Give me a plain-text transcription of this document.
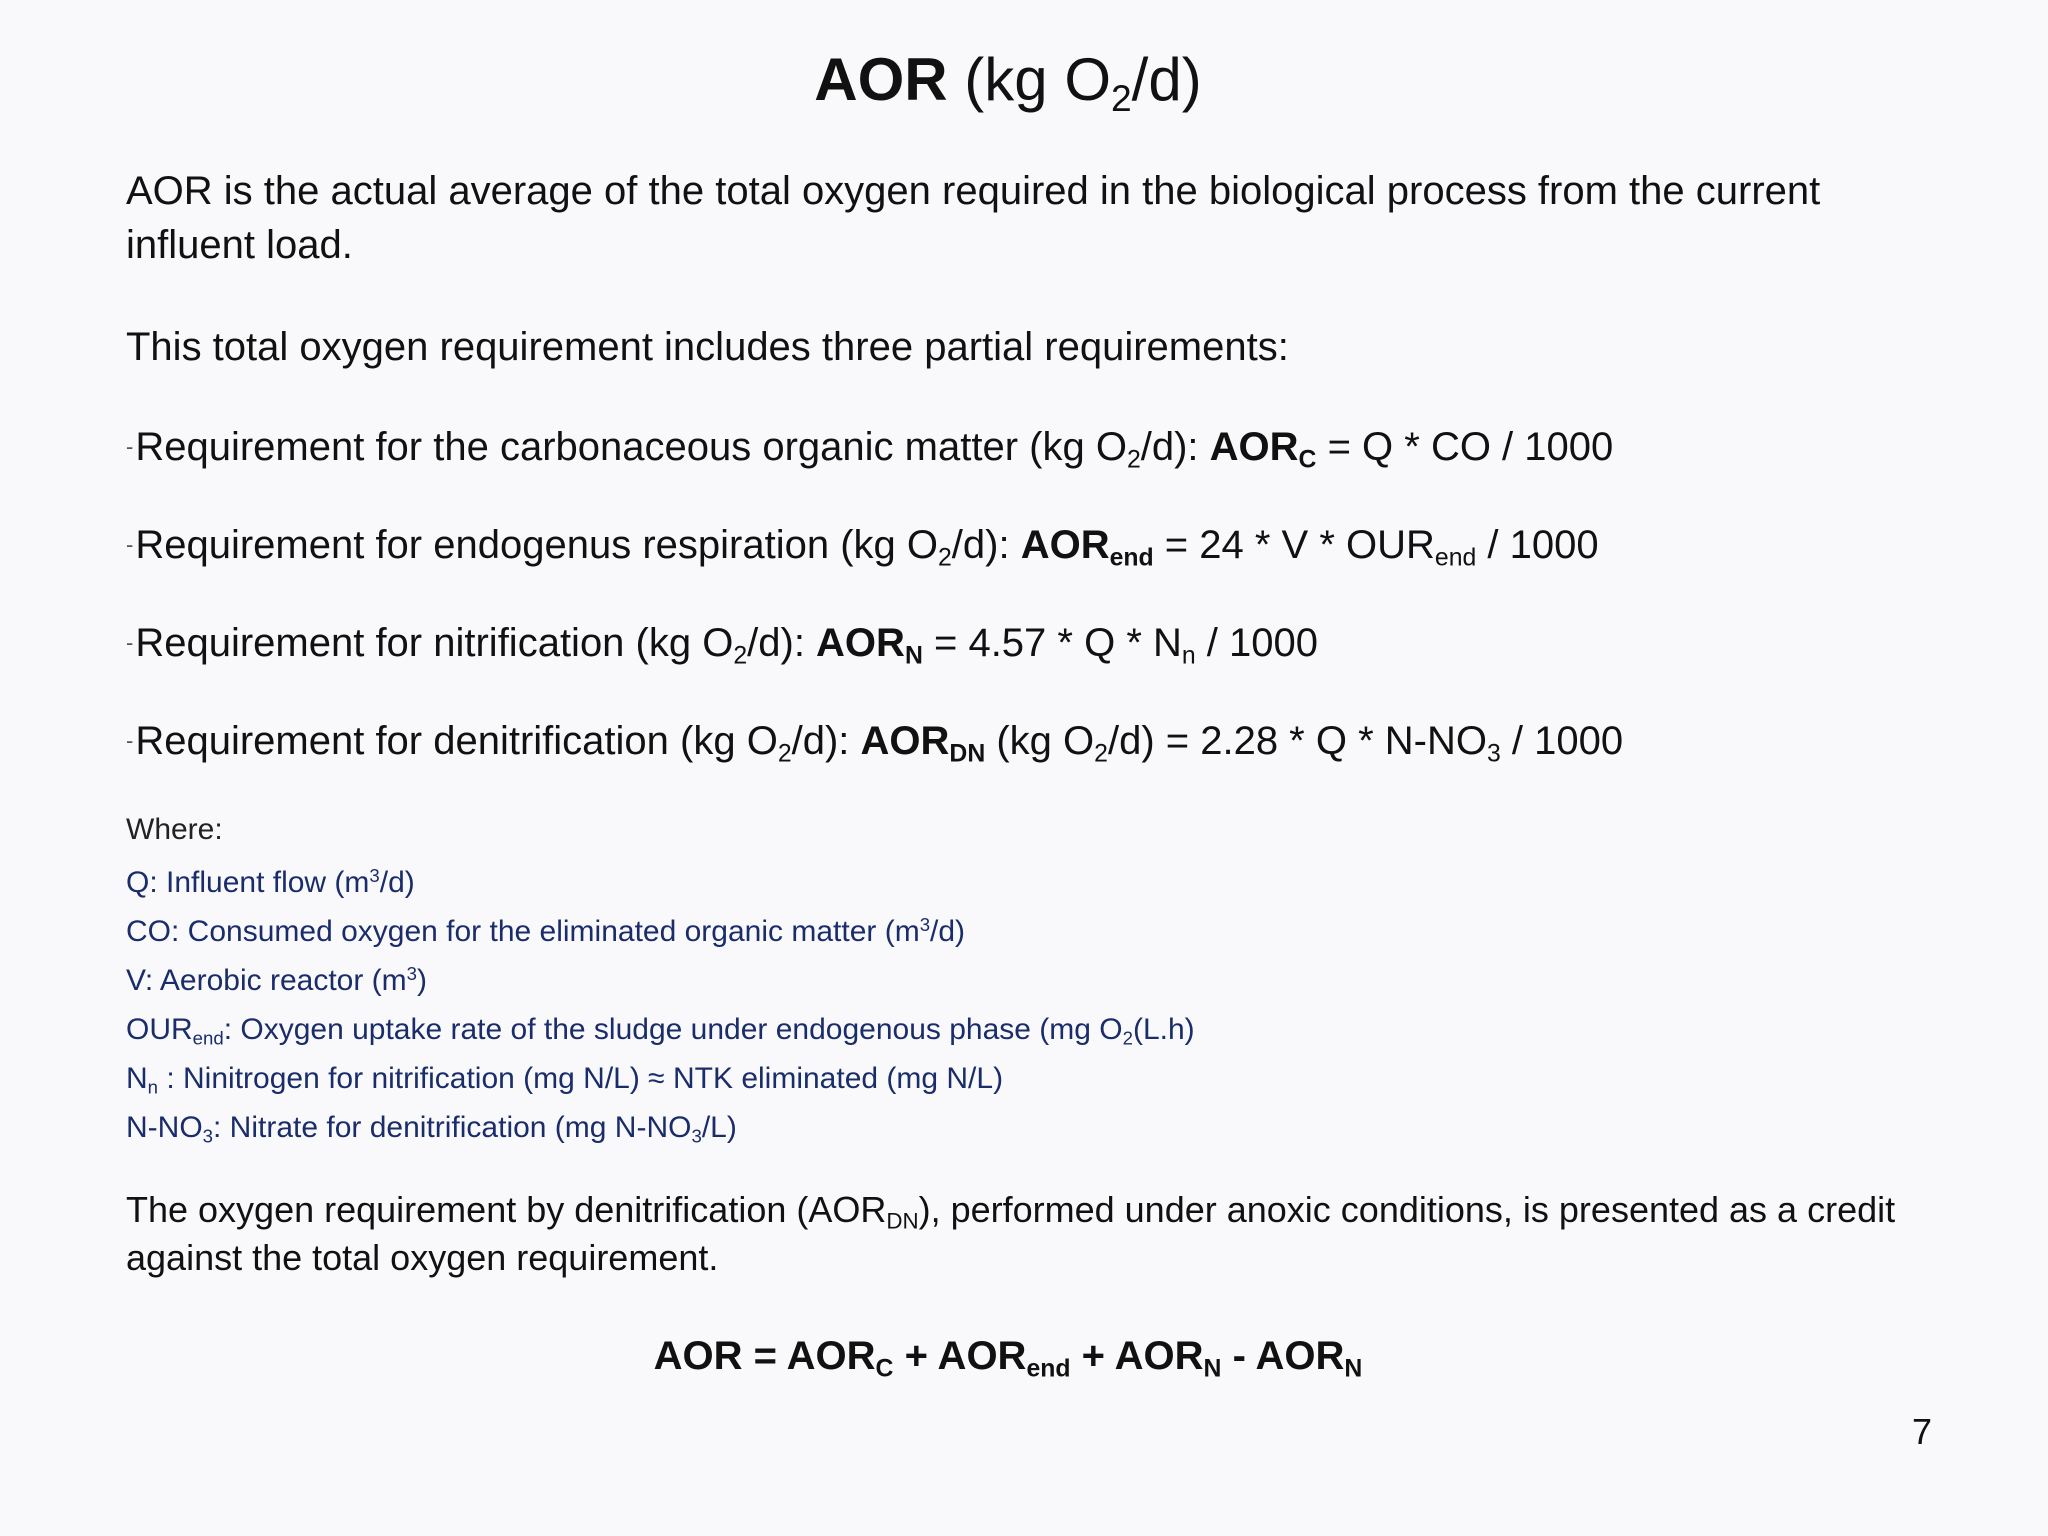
AOR (kg $O_2/d$)
AOR is the actual average of the total oxygen required in the biological process from the current influent load.
This total oxygen requirement includes three partial requirements:
-Requirement for the carbonaceous organic matter (kg $O_2/d$): $AOR_C = Q$ * CO / 1000
-Requirement for endogenus respiration (kg $O_2/d$): $AOR_{end} = 24 * V * OUR_{end} / 1000$
-Requirement for nitrification (kg $O_2/d$): $AOR_N = 4.57 * Q * N_n / 1000$
-Requirement for denitrification (kg $O_2/d$): $AOR_{DN}$ (kg $O_2/d) = 2.28 * Q * N-NO_3 / 1000$
Where:
Q: Influent flow $(m^3/d)$
CO: Consumed oxygen for the eliminated organic matter $(m^3/d)$
V: Aerobic reactor $(m^3)$
$OUR_{end}$: Oxygen uptake rate of the sludge under endogenous phase (mg $O_2(L.h)$
$N_n$ : Ninitrogen for nitrification (mg N/L) ≈ NTK eliminated (mg N/L)
$N-NO_3$: Nitrate for denitrification (mg $N-NO_3/L$)
The oxygen requirement by denitrification $(AOR_{DN})$, performed under anoxic conditions, is presented as a credit against the total oxygen requirement.
AOR = $AOR_C + AOR_{end} + AOR_N - AOR_N$
7
